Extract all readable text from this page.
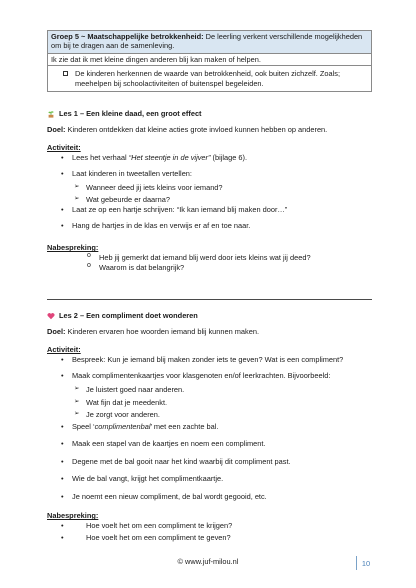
Groep 5 ~ Maatschappelijke betrokkenheid: De leerling verkent verschillende mogelijkheden om bij te dragen aan de samenleving.
Ik zie dat ik met kleine dingen anderen blij kan maken of helpen.
De kinderen herkennen de waarde van betrokkenheid, ook buiten zichzelf. Zoals; meehelpen bij schoolactiviteiten of buitenspel begeleiden.
Les 1 – Een kleine daad, een groot effect

Doel: Kinderen ontdekken dat kleine acties grote invloed kunnen hebben op anderen.

Activiteit:

• Lees het verhaal “Het steentje in de vijver” (bijlage 6).
• Laat kinderen in tweetallen vertellen:
➢ Wanneer deed jij iets kleins voor iemand?
➢ Wat gebeurde er daarna?
• Laat ze op een hartje schrijven: “Ik kan iemand blij maken door…”
• Hang de hartjes in de klas en verwijs er af en toe naar.

Nabespreking:

o Heb jij gemerkt dat iemand blij werd door iets kleins wat jij deed?
o Waarom is dat belangrijk?
Les 2 – Een compliment doet wonderen

Doel: Kinderen ervaren hoe woorden iemand blij kunnen maken.

Activiteit:

• Bespreek: Kun je iemand blij maken zonder iets te geven? Wat is een compliment?
• Maak complimentenkaartjes voor klasgenoten en/of leerkrachten. Bijvoorbeeld:
➢ Je luistert goed naar anderen.
➢ Wat fijn dat je meedenkt.
➢ Je zorgt voor anderen.
• Speel ‘complimentenbal’ met een zachte bal.
• Maak een stapel van de kaartjes en noem een compliment.
• Degene met de bal gooit naar het kind waarbij dit compliment past.
• Wie de bal vangt, krijgt het complimentkaartje.
• Je noemt een nieuw compliment, de bal wordt gegooid, etc.

Nabespreking:

• Hoe voelt het om een compliment te krijgen?
• Hoe voelt het om een compliment te geven?
© www.juf-milou.nl	10
